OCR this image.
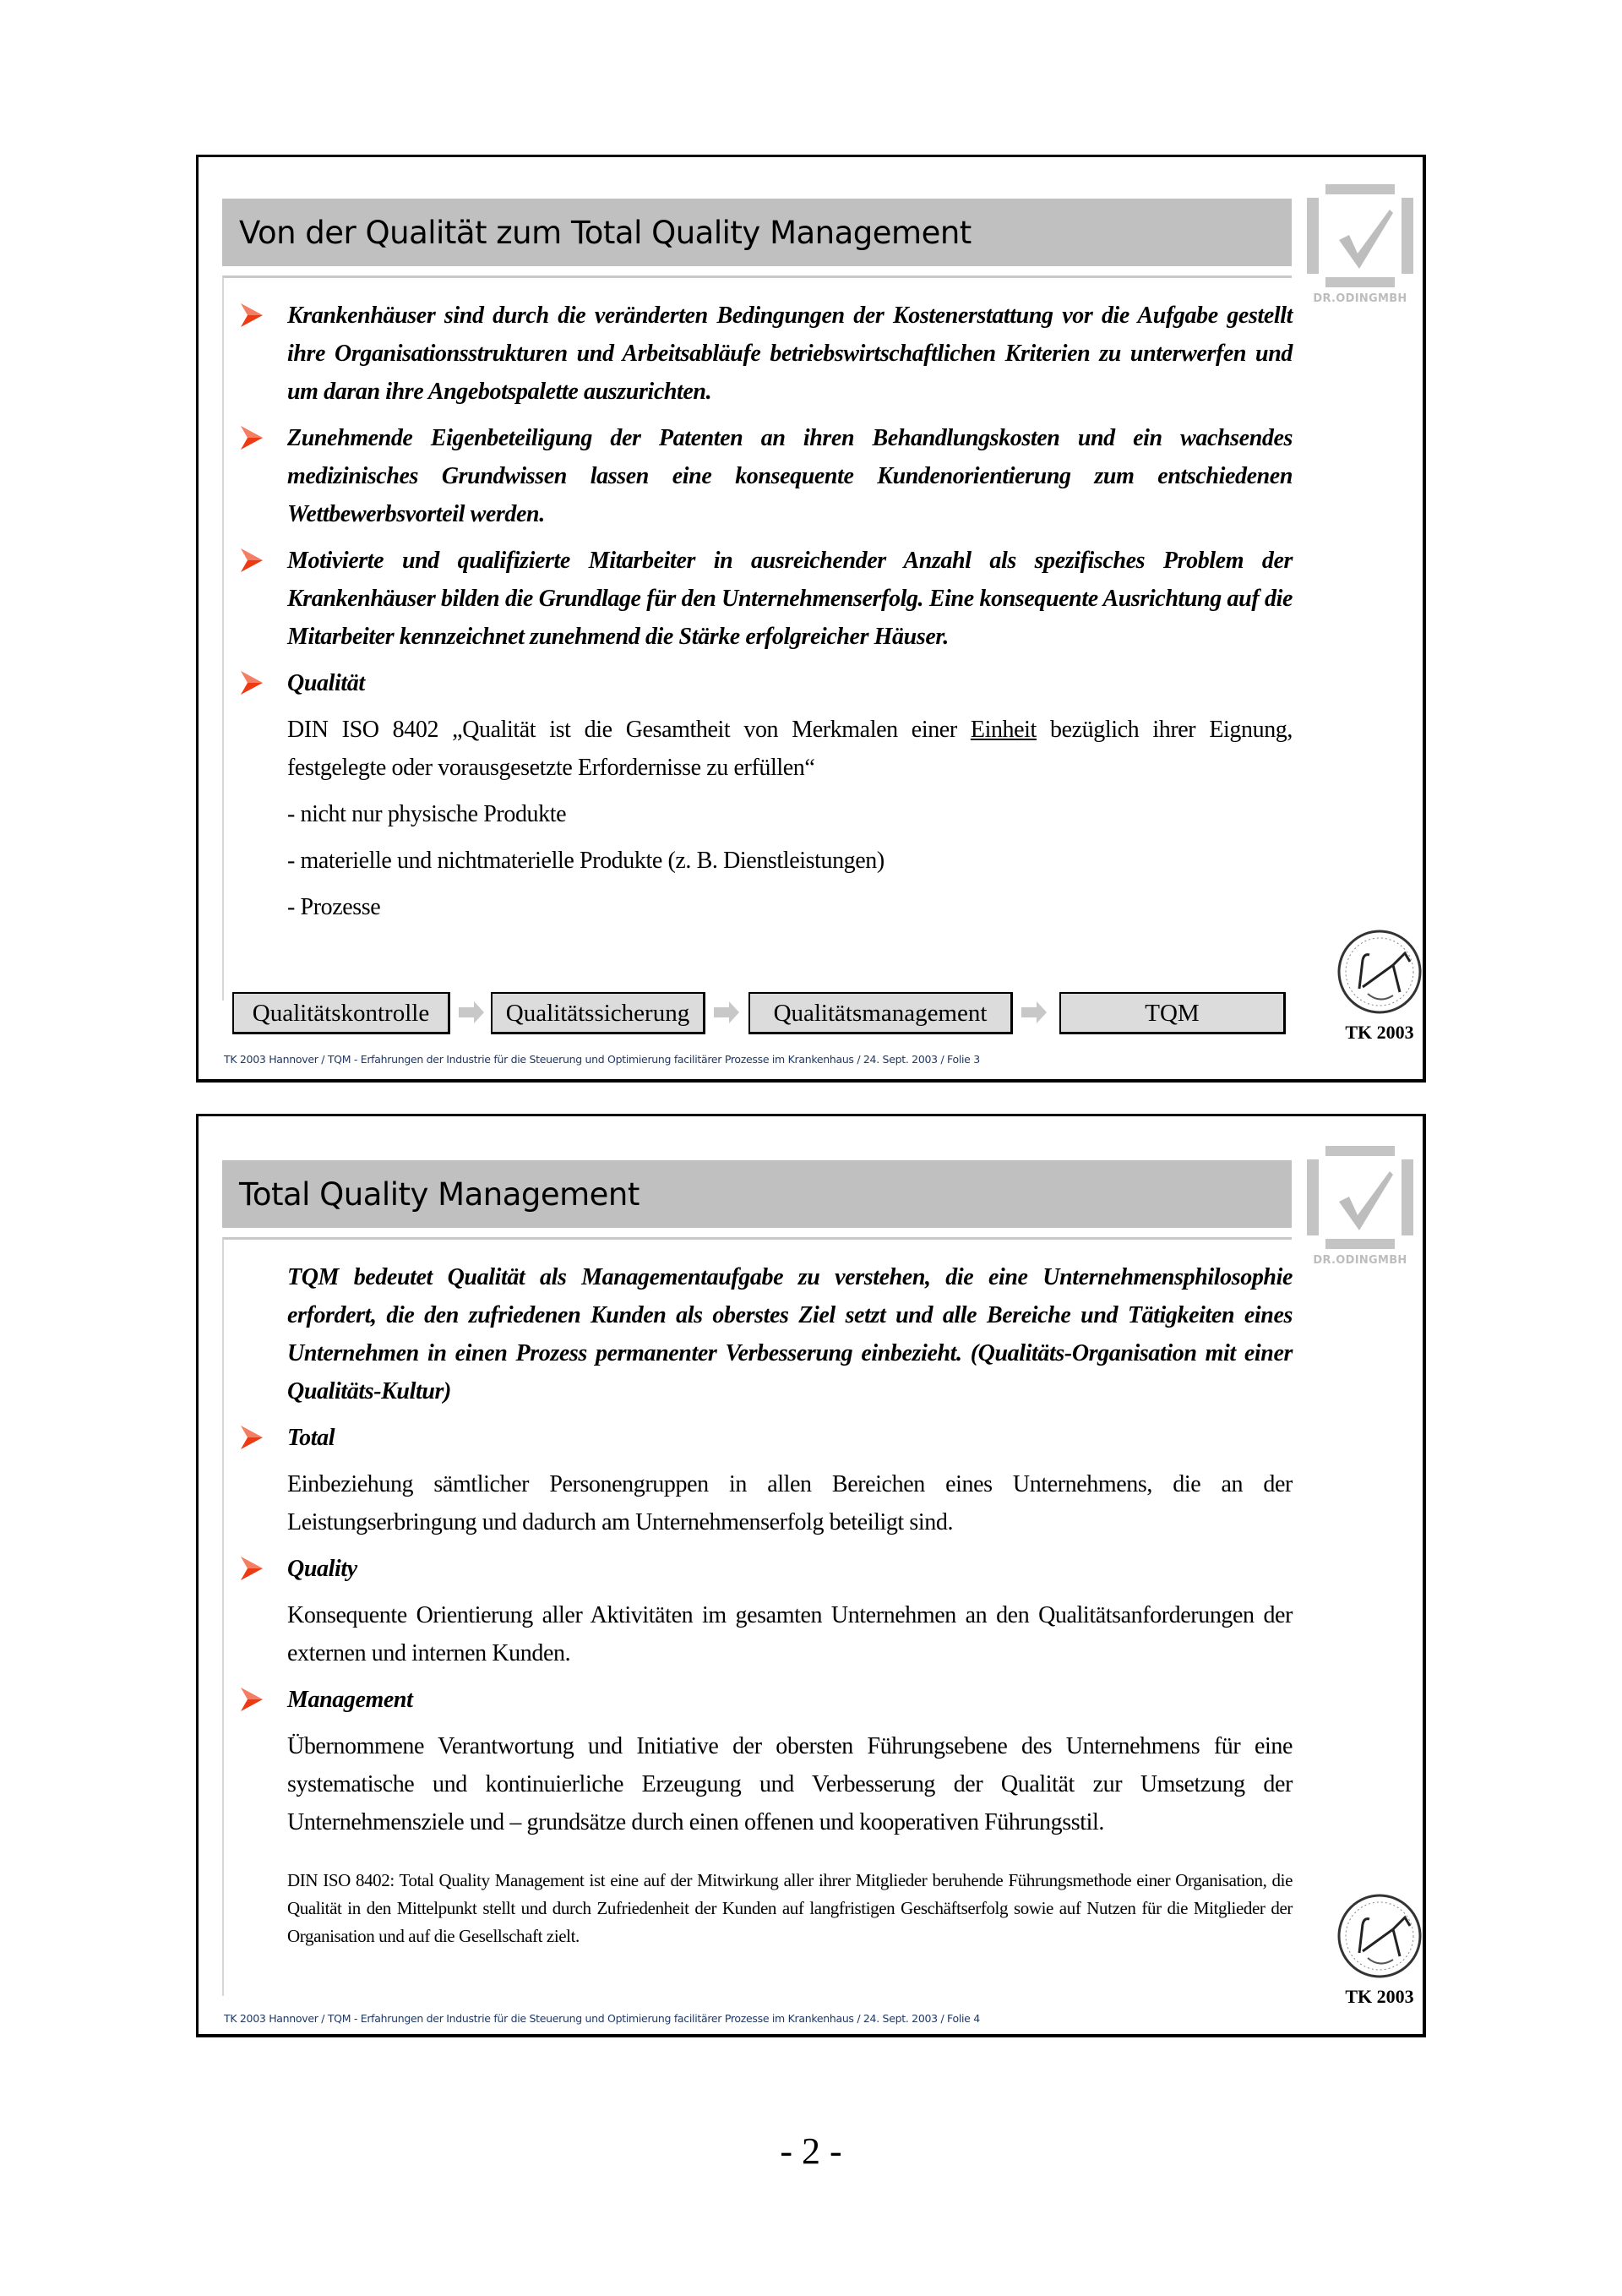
Von der Qualität zum Total Quality Management
DR.ODINGMBH
Krankenhäuser sind durch die veränderten Bedingungen der Kostenerstattung vor die Aufgabe gestellt ihre Organisationsstrukturen und Arbeitsabläufe betriebswirtschaftlichen Kriterien zu unterwerfen und um daran ihre Angebotspalette auszurichten.
Zunehmende Eigenbeteiligung der Patenten an ihren Behandlungskosten und ein wachsendes medizinisches Grundwissen lassen eine konsequente Kundenorientierung zum entschiedenen Wettbewerbsvorteil werden.
Motivierte und qualifizierte Mitarbeiter in ausreichender Anzahl als spezifisches Problem der Krankenhäuser bilden die Grundlage für den Unternehmenserfolg. Eine konsequente Ausrichtung auf die Mitarbeiter kennzeichnet zunehmend die Stärke erfolgreicher Häuser.
Qualität
DIN ISO 8402 „Qualität ist die Gesamtheit von Merkmalen einer Einheit bezüglich ihrer Eignung, festgelegte oder vorausgesetzte Erfordernisse zu erfüllen“
- nicht nur physische Produkte
- materielle und nichtmaterielle Produkte (z. B. Dienstleistungen)
- Prozesse
Qualitätskontrolle	Qualitätssicherung	Qualitätsmanagement	TQM
TK 2003
TK 2003 Hannover / TQM - Erfahrungen der Industrie für die Steuerung und Optimierung facilitärer Prozesse im Krankenhaus / 24. Sept. 2003 / Folie 3
Total Quality Management
DR.ODINGMBH
TQM bedeutet Qualität als Managementaufgabe zu verstehen, die eine Unternehmensphilosophie erfordert, die den zufriedenen Kunden als oberstes Ziel setzt und alle Bereiche und Tätigkeiten eines Unternehmen in einen Prozess permanenter Verbesserung einbezieht. (Qualitäts-Organisation mit einer Qualitäts-Kultur)
Total
Einbeziehung sämtlicher Personengruppen in allen Bereichen eines Unternehmens, die an der Leistungserbringung und dadurch am Unternehmenserfolg beteiligt sind.
Quality
Konsequente Orientierung aller Aktivitäten im gesamten Unternehmen an den Qualitätsanforderungen der externen und internen Kunden.
Management
Übernommene Verantwortung und Initiative der obersten Führungsebene des Unternehmens für eine systematische und kontinuierliche Erzeugung und Verbesserung der Qualität zur Umsetzung der Unternehmensziele und – grundsätze durch einen offenen und kooperativen Führungsstil.
DIN ISO 8402: Total Quality Management ist eine auf der Mitwirkung aller ihrer Mitglieder beruhende Führungsmethode einer Organisation, die Qualität in den Mittelpunkt stellt und durch Zufriedenheit der Kunden auf langfristigen Geschäftserfolg sowie auf Nutzen für die Mitglieder der Organisation und auf die Gesellschaft zielt.
TK 2003
TK 2003 Hannover / TQM - Erfahrungen der Industrie für die Steuerung und Optimierung facilitärer Prozesse im Krankenhaus / 24. Sept. 2003 / Folie 4
- 2 -
